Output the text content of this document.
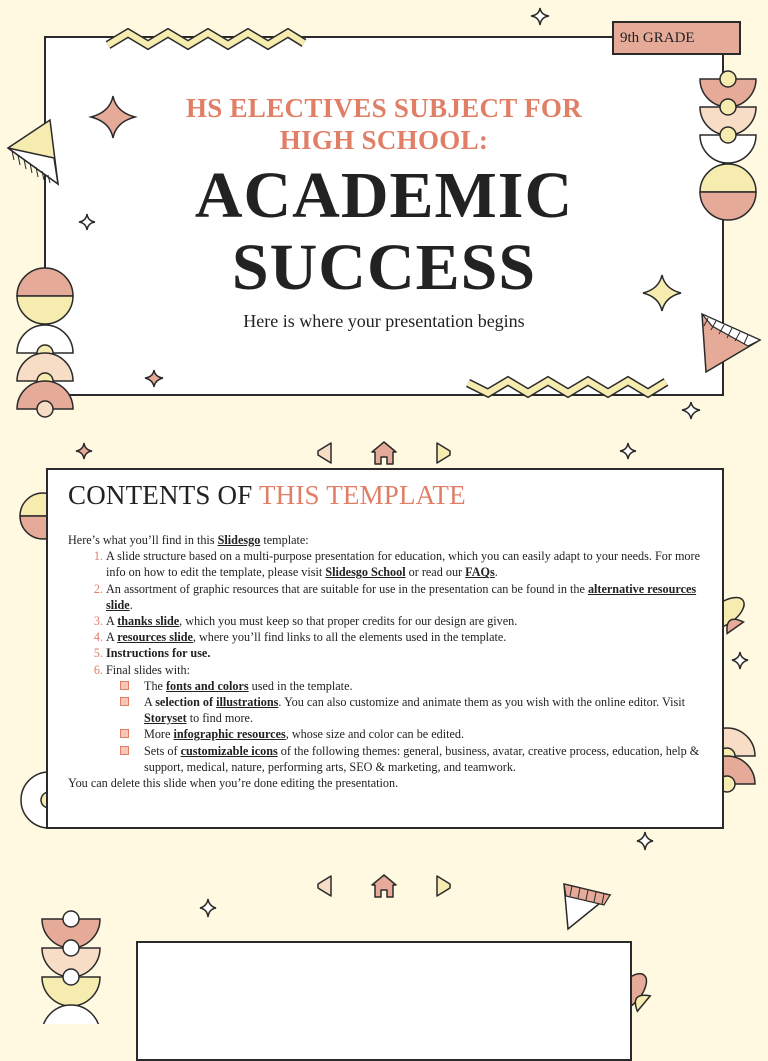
9th GRADE
HS ELECTIVES SUBJECT FOR
HIGH SCHOOL:
ACADEMIC
SUCCESS
Here is where your presentation begins
CONTENTS OF THIS TEMPLATE
Here’s what you’ll find in this Slidesgo template:
1. A slide structure based on a multi-purpose presentation for education, which you can easily adapt to your needs. For more info on how to edit the template, please visit Slidesgo School or read our FAQs.
2. An assortment of graphic resources that are suitable for use in the presentation can be found in the alternative resources slide.
3. A thanks slide, which you must keep so that proper credits for our design are given.
4. A resources slide, where you’ll find links to all the elements used in the template.
5. Instructions for use.
6. Final slides with:
The fonts and colors used in the template.
A selection of illustrations. You can also customize and animate them as you wish with the online editor. Visit Storyset to find more.
More infographic resources, whose size and color can be edited.
Sets of customizable icons of the following themes: general, business, avatar, creative process, education, help & support, medical, nature, performing arts, SEO & marketing, and teamwork.
You can delete this slide when you’re done editing the presentation.
